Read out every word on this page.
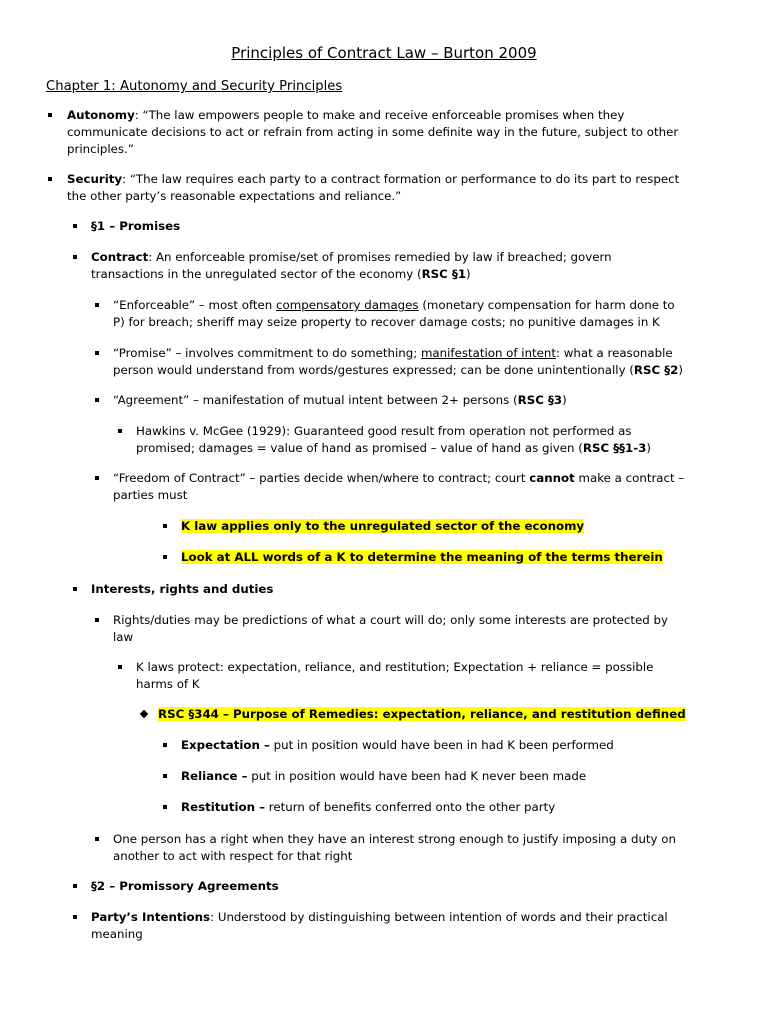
Principles of Contract Law – Burton 2009
Chapter 1: Autonomy and Security Principles
Autonomy: “The law empowers people to make and receive enforceable promises when they
communicate decisions to act or refrain from acting in some definite way in the future, subject to other
principles.”
Security: “The law requires each party to a contract formation or performance to do its part to respect
the other party’s reasonable expectations and reliance.”
§1 – Promises
Contract: An enforceable promise/set of promises remedied by law if breached; govern
transactions in the unregulated sector of the economy (RSC §1)
“Enforceable” – most often compensatory damages (monetary compensation for harm done to
P) for breach; sheriff may seize property to recover damage costs; no punitive damages in K
“Promise” – involves commitment to do something; manifestation of intent: what a reasonable
person would understand from words/gestures expressed; can be done unintentionally (RSC §2)
“Agreement” – manifestation of mutual intent between 2+ persons (RSC §3)
Hawkins v. McGee (1929): Guaranteed good result from operation not performed as
promised; damages = value of hand as promised – value of hand as given (RSC §§1-3)
“Freedom of Contract” – parties decide when/where to contract; court cannot make a contract –
parties must
K law applies only to the unregulated sector of the economy
Look at ALL words of a K to determine the meaning of the terms therein
Interests, rights and duties
Rights/duties may be predictions of what a court will do; only some interests are protected by
law
K laws protect: expectation, reliance, and restitution; Expectation + reliance = possible
harms of K
RSC §344 – Purpose of Remedies: expectation, reliance, and restitution defined
Expectation – put in position would have been in had K been performed
Reliance – put in position would have been had K never been made
Restitution – return of benefits conferred onto the other party
One person has a right when they have an interest strong enough to justify imposing a duty on
another to act with respect for that right
§2 – Promissory Agreements
Party’s Intentions: Understood by distinguishing between intention of words and their practical
meaning
